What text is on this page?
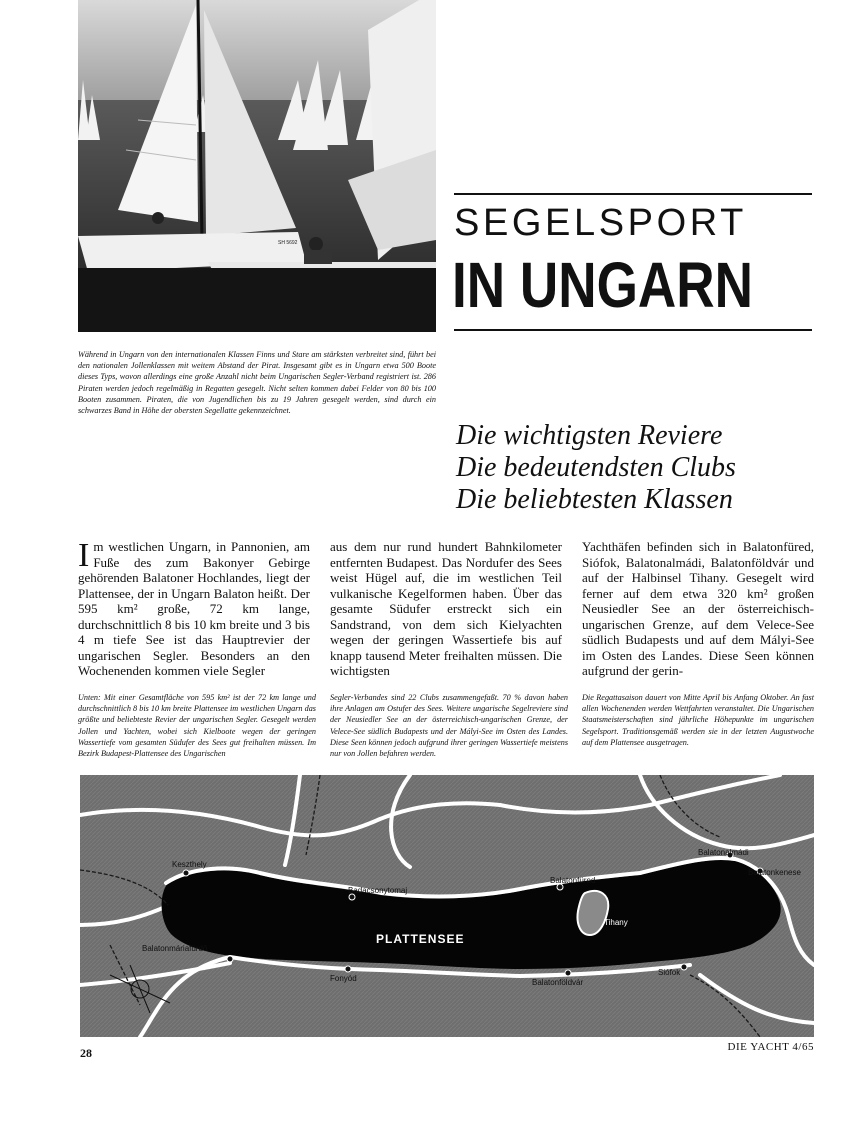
SH 5692

Während in Ungarn von den internationalen Klassen Finns und Stare am stärksten verbreitet sind, führt bei den nationalen Jollenklassen mit weitem Abstand der Pirat. Insgesamt gibt es in Ungarn etwa 500 Boote dieses Typs, wovon allerdings eine große Anzahl nicht beim Ungarischen Segler-Verband registriert ist. 286 Piraten werden jedoch regelmäßig in Regatten gesegelt. Nicht selten kommen dabei Felder von 80 bis 100 Booten zusammen. Piraten, die von Jugendlichen bis zu 19 Jahren gesegelt werden, sind durch ein schwarzes Band in Höhe der obersten Segellatte gekennzeichnet.

SEGELSPORT
IN UNGARN
Die wichtigsten Reviere
Die bedeutendsten Clubs
Die beliebtesten Klassen
Im westlichen Ungarn, in Pannonien, am Fuße des zum Bakonyer Gebirge gehörenden Balatoner Hochlandes, liegt der Plattensee, der in Ungarn Balaton heißt. Der 595 km² große, 72 km lange, durchschnittlich 8 bis 10 km breite und 3 bis 4 m tiefe See ist das Hauptrevier der ungarischen Segler. Besonders an den Wochenenden kommen viele Segler
aus dem nur rund hundert Bahnkilometer entfernten Budapest. Das Nordufer des Sees weist Hügel auf, die im westlichen Teil vulkanische Kegelformen haben. Über das gesamte Südufer erstreckt sich ein Sandstrand, von dem sich Kielyachten wegen der geringen Wassertiefe bis auf knapp tausend Meter freihalten müssen. Die wichtigsten
Yachthäfen befinden sich in Balatonfüred, Siófok, Balatonalmádi, Balatonföldvár und auf der Halbinsel Tihany. Gesegelt wird ferner auf dem etwa 320 km² großen Neusiedler See an der österreichisch-ungarischen Grenze, auf dem Velece-See südlich Budapests und auf dem Mályi-See im Osten des Landes. Diese Seen können aufgrund der gerin-

Unten: Mit einer Gesamtfläche von 595 km² ist der 72 km lange und durchschnittlich 8 bis 10 km breite Plattensee im westlichen Ungarn das größte und beliebteste Revier der ungarischen Segler. Gesegelt werden Jollen und Yachten, wobei sich Kielboote wegen der geringen Wassertiefe vom gesamten Südufer des Sees gut freihalten müssen. Im Bezirk Budapest-Plattensee des Ungarischen

Segler-Verbandes sind 22 Clubs zusammengefaßt. 70 % davon haben ihre Anlagen am Ostufer des Sees. Weitere ungarische Segelreviere sind der Neusiedler See an der österreichisch-ungarischen Grenze, der Velece-See südlich Budapests und der Mályi-See im Osten des Landes. Diese Seen können jedoch aufgrund ihrer geringen Wassertiefe meistens nur von Jollen befahren werden.

Die Regattasaison dauert von Mitte April bis Anfang Oktober. An fast allen Wochenenden werden Wettfahrten veranstaltet. Die Ungarischen Staatsmeisterschaften sind jährliche Höhepunkte im ungarischen Segelsport. Traditionsgemäß werden sie in der letzten Augustwoche auf dem Plattensee ausgetragen.

Keszthely
Badacsonytomaj
Balatonfüred
Balatonalmádi
Balatonkenese
Balatonmáriafürdő
Fonyód	Balatonföldvár
Siófok
Tihany
PLATTENSEE
28	DIE YACHT 4/65
